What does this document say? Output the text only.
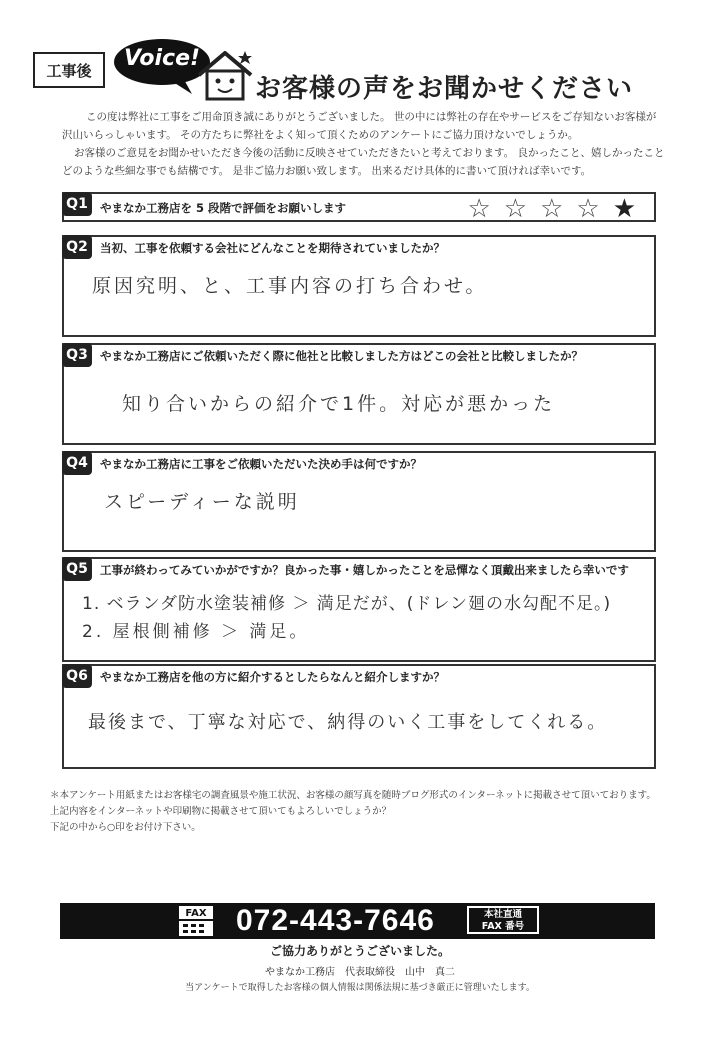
工事後	Voice!
お客様の声をお聞かせください
この度は弊社に工事をご用命頂き誠にありがとうございました。 世の中には弊社の存在やサービスをご存知ないお客様が
沢山いらっしゃいます。 その方たちに弊社をよく知って頂くためのアンケートにご協力頂けないでしょうか。
お客様のご意見をお聞かせいただき今後の活動に反映させていただきたいと考えております。 良かったこと、嬉しかったこと
どのような些細な事でも結構です。 是非ご協力お願い致します。 出来るだけ具体的に書いて頂ければ幸いです。
Q1	やまなか工務店を 5 段階で評価をお願いします	☆ ☆ ☆ ☆ ★
Q2	当初、工事を依頼する会社にどんなことを期待されていましたか？
原因究明、と、工事内容の打ち合わせ。
Q3	やまなか工務店にご依頼いただく際に他社と比較しました方はどこの会社と比較しましたか？
知り合いからの紹介で1件。対応が悪かった
Q4	やまなか工務店に工事をご依頼いただいた決め手は何ですか？
スピーディーな説明
Q5	工事が終わってみていかがですか？良かった事・嬉しかったことを忌憚なく頂戴出来ましたら幸いです
1. ベランダ防水塗装補修 ＞ 満足だが、(ドレン廻の水勾配不足。)
2. 屋根側補修 ＞ 満足。
Q6	やまなか工務店を他の方に紹介するとしたらなんと紹介しますか？
最後まで、丁寧な対応で、納得のいく工事をしてくれる。
＊本アンケート用紙またはお客様宅の調査風景や施工状況、お客様の顔写真を随時ブログ形式のインターネットに掲載させて頂いております。
上記内容をインターネットや印刷物に掲載させて頂いてもよろしいでしょうか？
下記の中から○印をお付け下さい。
FAX 072-443-7646	本社直通
FAX 番号
ご協力ありがとうございました。
やまなか工務店　代表取締役　山中　真二
当アンケートで取得したお客様の個人情報は関係法規に基づき厳正に管理いたします。
